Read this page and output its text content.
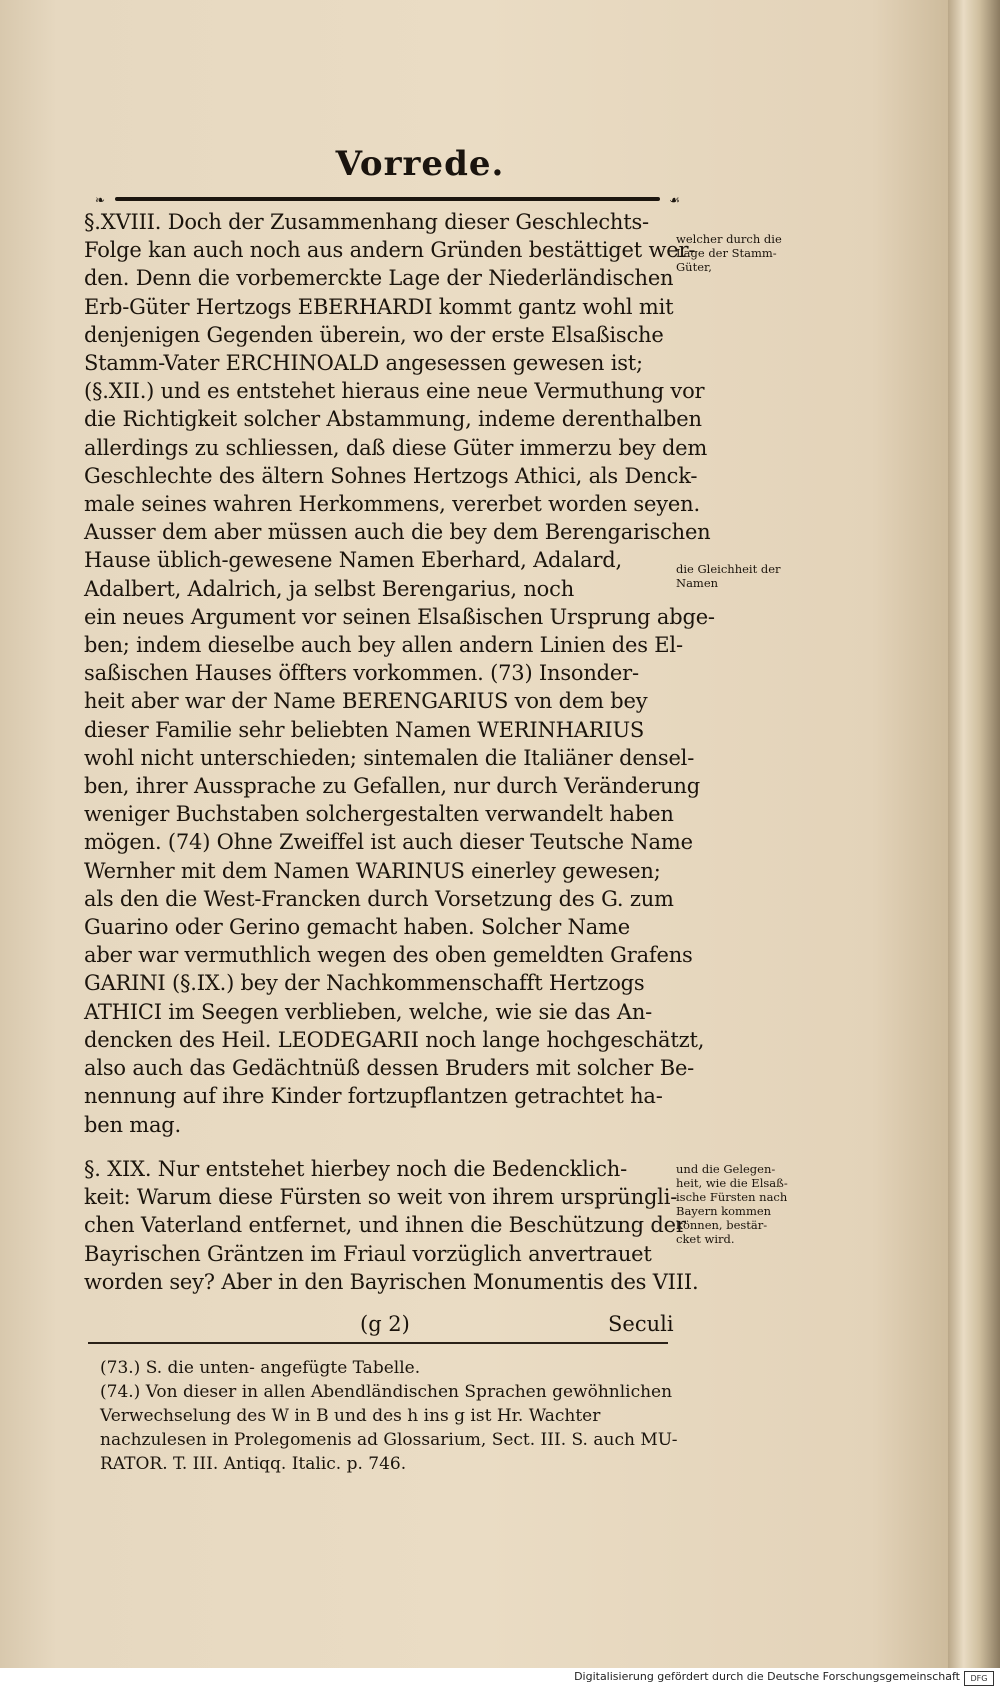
Vorrede.
❧	☙

§.XVIII. Doch der Zusammenhang dieser Geschlechts-

Folge kan auch noch aus andern Gründen bestättiget wer-

den. Denn die vorbemerckte Lage der Niederländischen

Erb-Güter Hertzogs EBERHARDI kommt gantz wohl mit

denjenigen Gegenden überein, wo der erste Elsaßische

Stamm-Vater ERCHINOALD angesessen gewesen ist;

(§.XII.) und es entstehet hieraus eine neue Vermuthung vor

die Richtigkeit solcher Abstammung, indeme derenthalben

allerdings zu schliessen, daß diese Güter immerzu bey dem

Geschlechte des ältern Sohnes Hertzogs Athici, als Denck-

male seines wahren Herkommens, vererbet worden seyen.

Ausser dem aber müssen auch die bey dem Berengarischen

Hause üblich-gewesene Namen Eberhard, Adalard,

Adalbert, Adalrich, ja selbst Berengarius, noch

ein neues Argument vor seinen Elsaßischen Ursprung abge-

ben; indem dieselbe auch bey allen andern Linien des El-

saßischen Hauses öffters vorkommen. (73) Insonder-

heit aber war der Name BERENGARIUS von dem bey

dieser Familie sehr beliebten Namen WERINHARIUS

wohl nicht unterschieden; sintemalen die Italiäner densel-

ben, ihrer Aussprache zu Gefallen, nur durch Veränderung

weniger Buchstaben solchergestalten verwandelt haben

mögen. (74) Ohne Zweiffel ist auch dieser Teutsche Name

Wernher mit dem Namen WARINUS einerley gewesen;

als den die West-Francken durch Vorsetzung des G. zum

Guarino oder Gerino gemacht haben. Solcher Name

aber war vermuthlich wegen des oben gemeldten Grafens

GARINI (§.IX.) bey der Nachkommenschafft Hertzogs

ATHICI im Seegen verblieben, welche, wie sie das An-

dencken des Heil. LEODEGARII noch lange hochgeschätzt,

also auch das Gedächtnüß dessen Bruders mit solcher Be-

nennung auf ihre Kinder fortzupflantzen getrachtet ha-

ben mag.

§. XIX. Nur entstehet hierbey noch die Bedencklich-

keit: Warum diese Fürsten so weit von ihrem ursprüngli-

chen Vaterland entfernet, und ihnen die Beschützung der

Bayrischen Gräntzen im Friaul vorzüglich anvertrauet

worden sey? Aber in den Bayrischen Monumentis des VIII.

(g 2)	Seculi

welcher durch die

Lage der Stamm-

Güter,

die Gleichheit der

Namen

und die Gelegen-

heit, wie die Elsaß-

ische Fürsten nach

Bayern kommen

können, bestär-

cket wird.

(73.) S. die unten- angefügte Tabelle.

(74.) Von dieser in allen Abendländischen Sprachen gewöhnlichen

Verwechselung des W in B und des h ins g ist Hr. Wachter

nachzulesen in Prolegomenis ad Glossarium, Sect. III. S. auch MU-

RATOR. T. III. Antiqq. Italic. p. 746.

Digitalisierung gefördert durch die Deutsche Forschungsgemeinschaft	DFG
